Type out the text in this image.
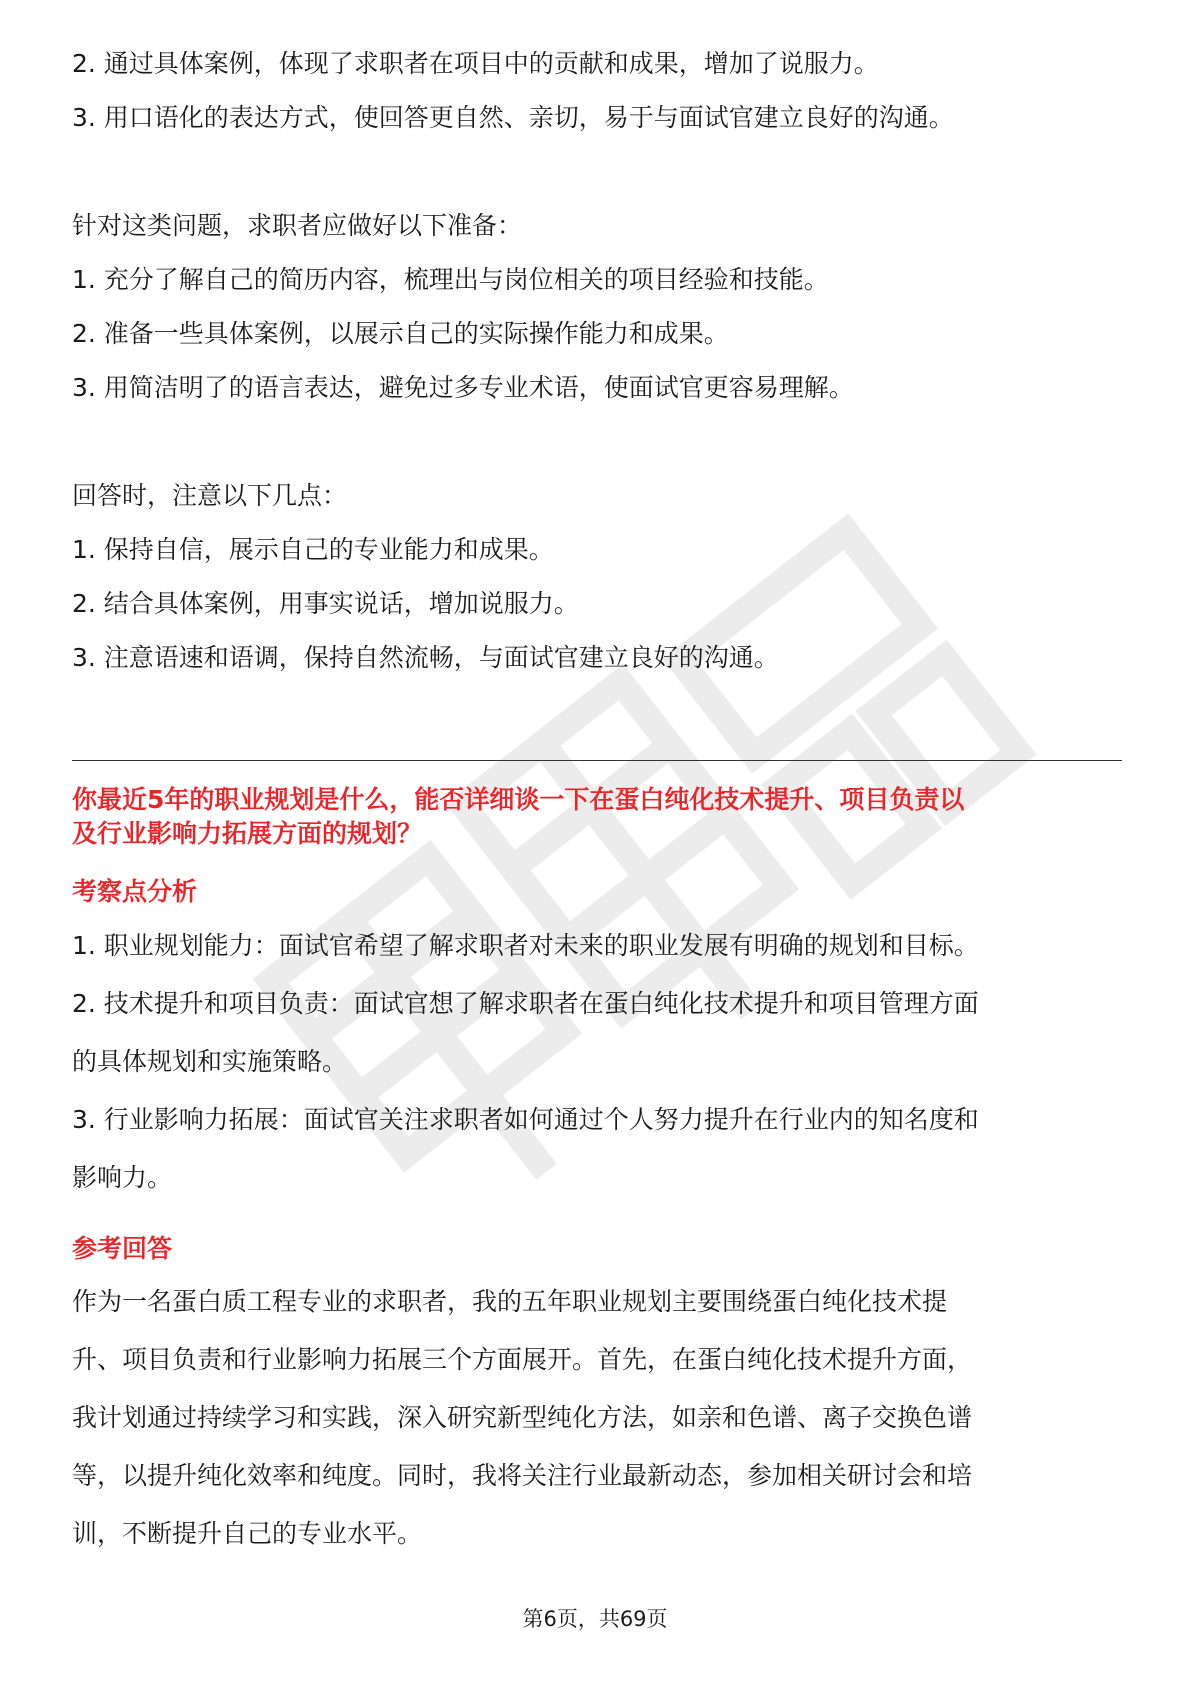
2. 通过具体案例，体现了求职者在项目中的贡献和成果，增加了说服力。
3. 用口语化的表达方式，使回答更自然、亲切，易于与面试官建立良好的沟通。
针对这类问题，求职者应做好以下准备：
1. 充分了解自己的简历内容，梳理出与岗位相关的项目经验和技能。
2. 准备一些具体案例，以展示自己的实际操作能力和成果。
3. 用简洁明了的语言表达，避免过多专业术语，使面试官更容易理解。
回答时，注意以下几点：
1. 保持自信，展示自己的专业能力和成果。
2. 结合具体案例，用事实说话，增加说服力。
3. 注意语速和语调，保持自然流畅，与面试官建立良好的沟通。
你最近5年的职业规划是什么，能否详细谈一下在蛋白纯化技术提升、项目负责以
及行业影响力拓展方面的规划？
考察点分析
1. 职业规划能力：面试官希望了解求职者对未来的职业发展有明确的规划和目标。
2. 技术提升和项目负责：面试官想了解求职者在蛋白纯化技术提升和项目管理方面
的具体规划和实施策略。
3. 行业影响力拓展：面试官关注求职者如何通过个人努力提升在行业内的知名度和
影响力。
参考回答
作为一名蛋白质工程专业的求职者，我的五年职业规划主要围绕蛋白纯化技术提
升、项目负责和行业影响力拓展三个方面展开。首先，在蛋白纯化技术提升方面，
我计划通过持续学习和实践，深入研究新型纯化方法，如亲和色谱、离子交换色谱
等，以提升纯化效率和纯度。同时，我将关注行业最新动态，参加相关研讨会和培
训，不断提升自己的专业水平。
第6页，共69页
